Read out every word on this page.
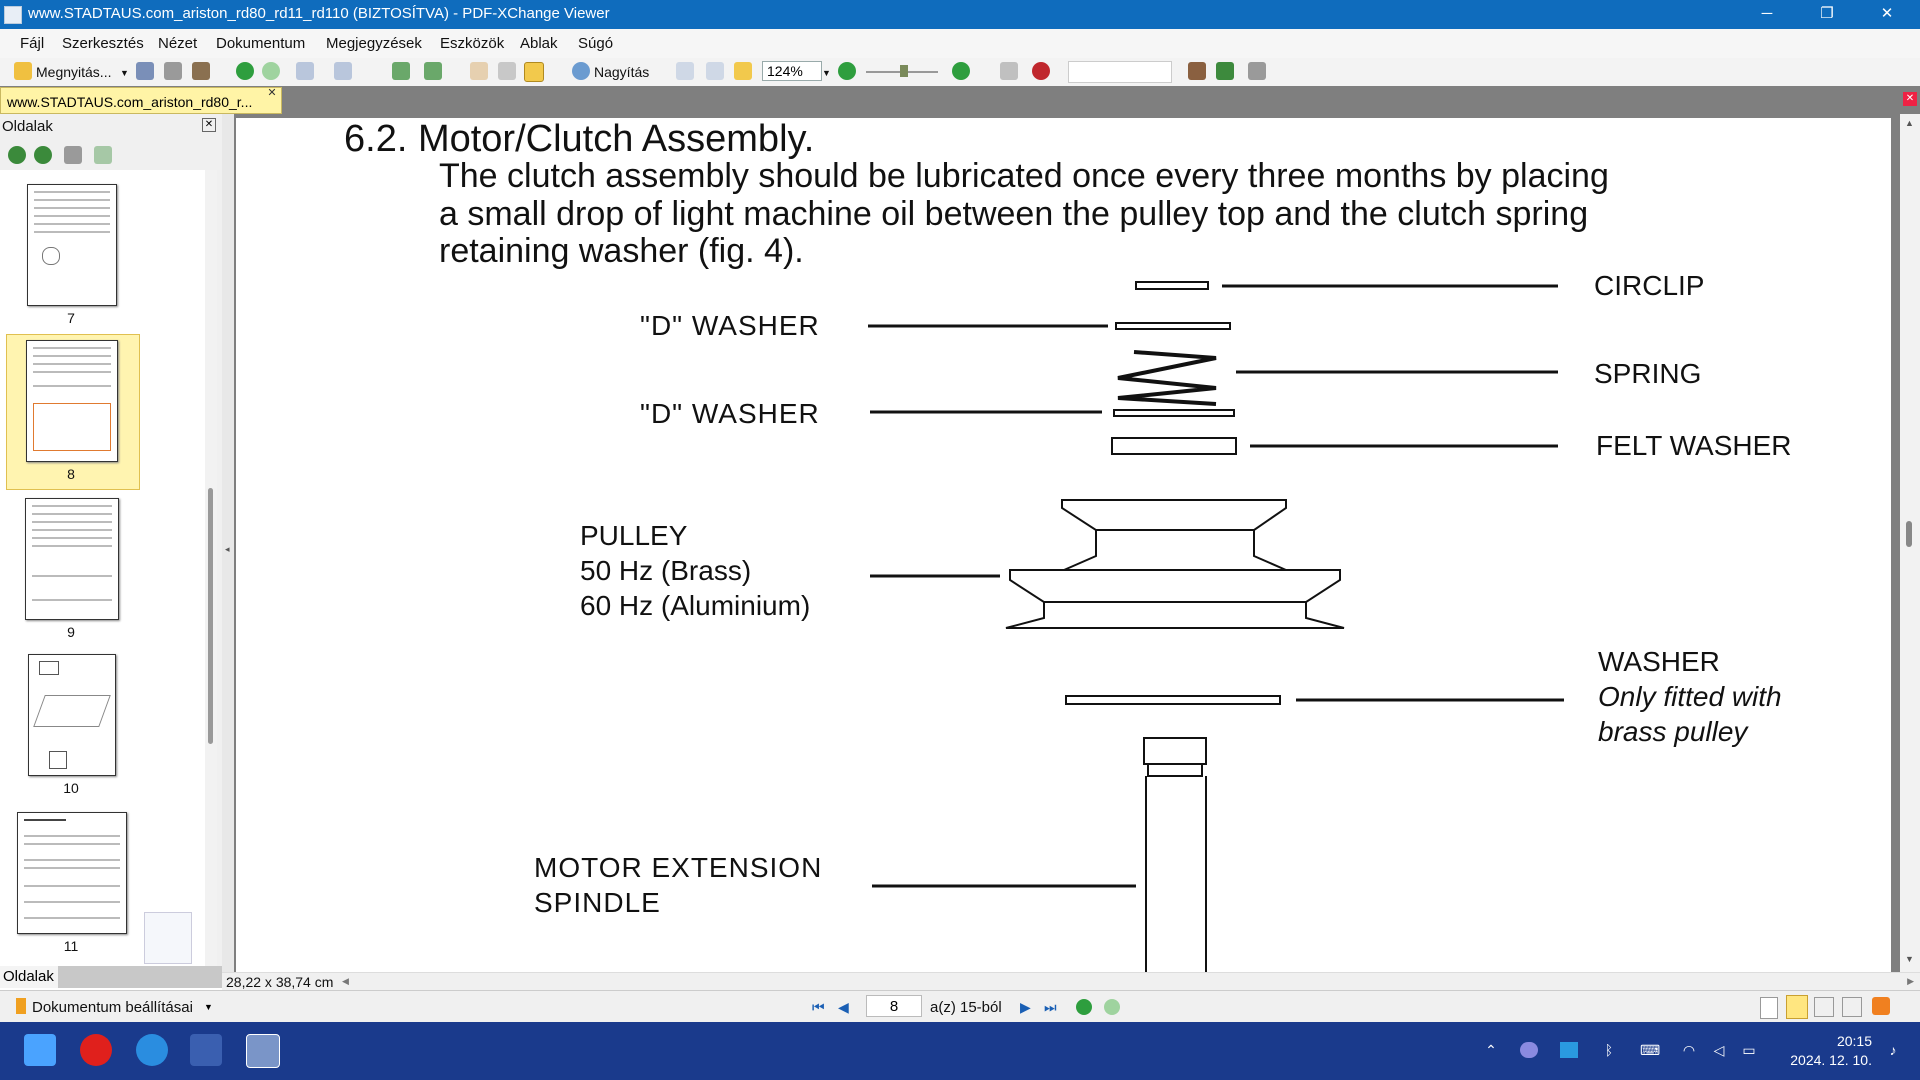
www.STADTAUS.com_ariston_rd80_rd11_rd110 (BIZTOSÍTVA) - PDF-XChange Viewer	─	❐	✕
Fájl Szerkesztés Nézet Dokumentum Megjegyzések Eszközök Ablak Súgó
Megnyitás... ▼	Nagyítás	124%	▼
www.STADTAUS.com_ariston_rd80_r...
✕	✕
Oldalak	✕
7
8
9
10
11
Oldalak
◂
6.2. Motor/Clutch Assembly.
The clutch assembly should be lubricated once every three months by placing
a small drop of light machine oil between the pulley top and the clutch spring
retaining washer (fig. 4).
"D" WASHER
"D" WASHER
CIRCLIP
SPRING
FELT WASHER
PULLEY
50 Hz (Brass)
60 Hz (Aluminium)
WASHER
Only fitted with
brass pulley
MOTOR EXTENSION
SPINDLE
▲
▼
28,22 x 38,74 cm ◀	▶
Dokumentum beállításai ▼	⏮ ◀	8	a(z) 15-ból ▶ ⏭
⌃	ᛒ	⌨ ◠ ◁ ▭
20:15
2024. 12. 10.
♪
